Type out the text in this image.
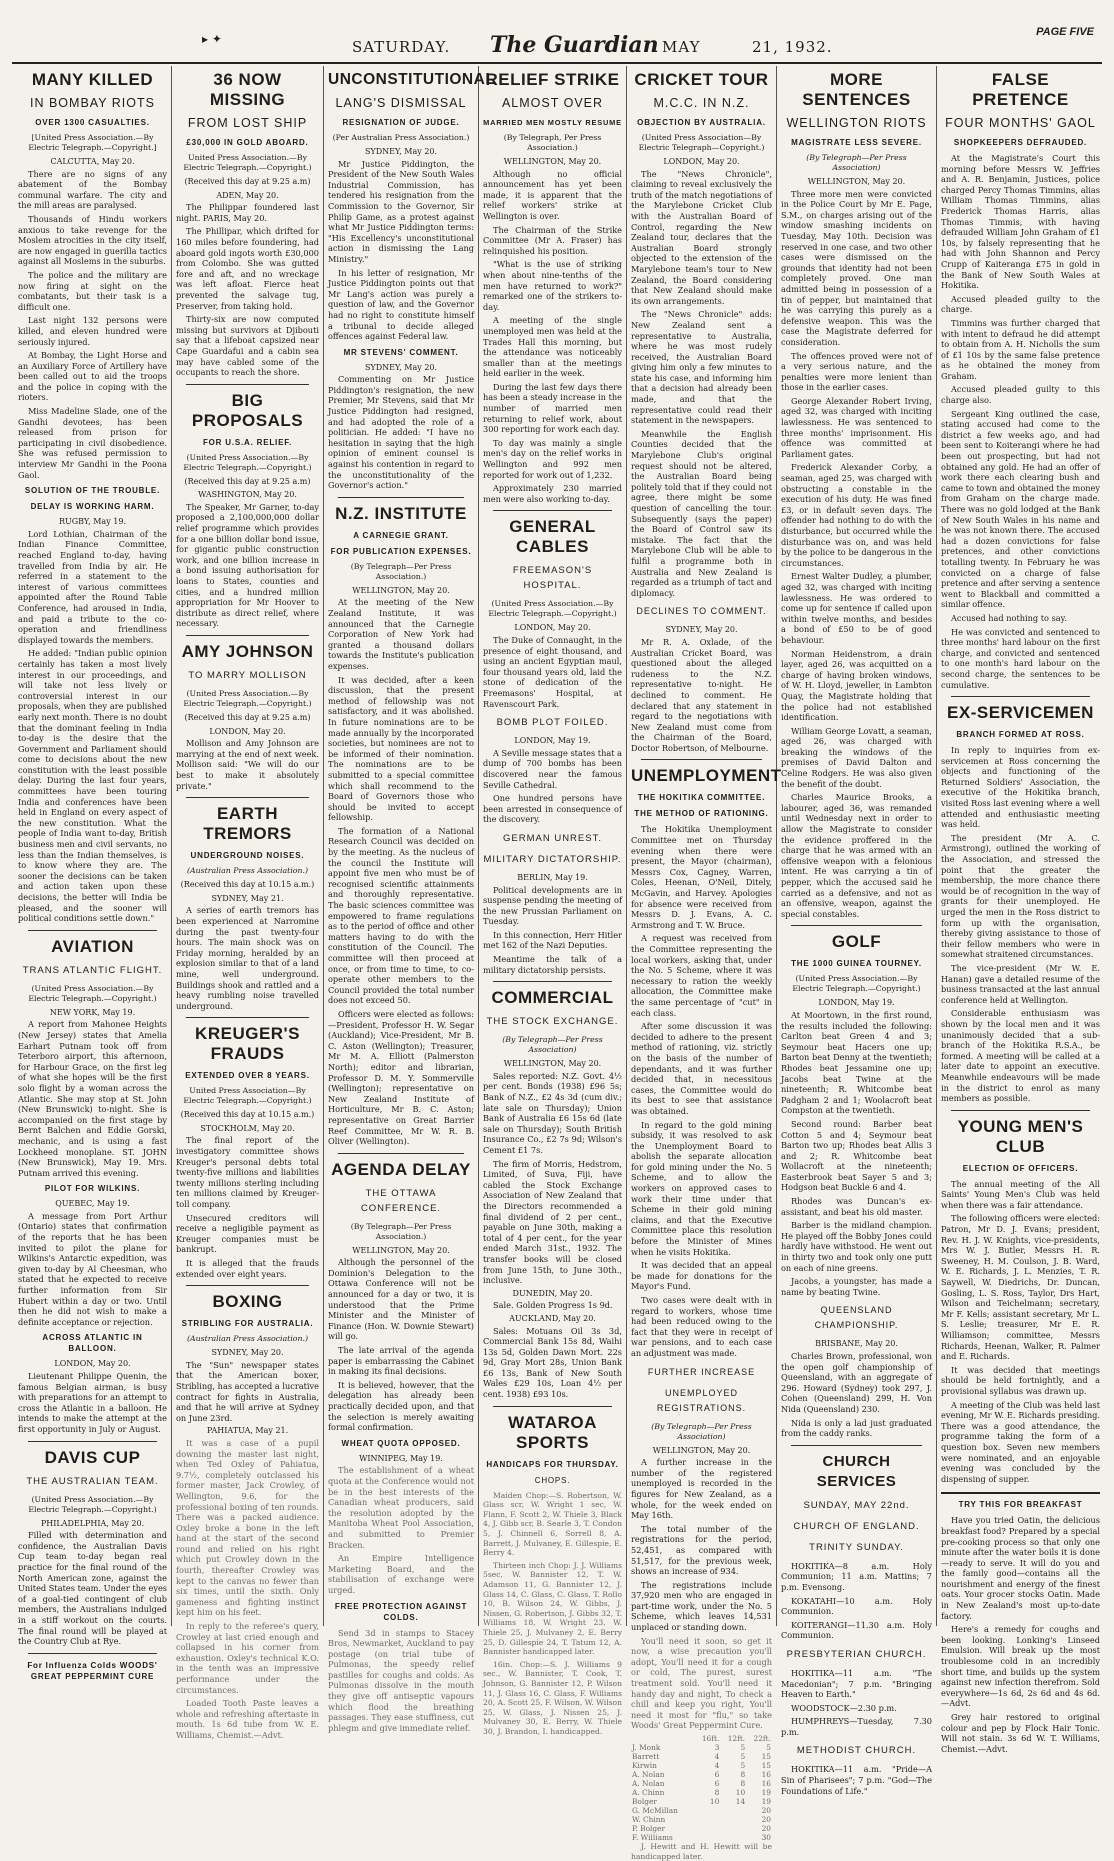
▸ ✦	SATURDAY. The Guardian MAY	21, 1932.
PAGE FIVE
MANY KILLED
IN BOMBAY RIOTS
OVER 1300 CASUALTIES.
[United Press Association.—By Electric Telegraph.—Copyright.]
CALCUTTA, May 20.

There are no signs of any abatement of the Bombay communal warfare. The city and the mill areas are paralysed.

Thousands of Hindu workers anxious to take revenge for the Moslem atrocities in the city itself, are now engaged in guerilla tactics against all Moslems in the suburbs.

The police and the military are now firing at sight on the combatants, but their task is a difficult one.

Last night 132 persons were killed, and eleven hundred were seriously injured.

At Bombay, the Light Horse and an Auxiliary Force of Artillery have been called out to aid the troops and the police in coping with the rioters.

Miss Madeline Slade, one of the Gandhi devotees, has been released from prison for participating in civil disobedience. She was refused permission to interview Mr Gandhi in the Poona Gaol.

SOLUTION OF THE TROUBLE.
DELAY IS WORKING HARM.
RUGBY, May 19.

Lord Lothian, Chairman of the Indian Finance Committee, reached England to-day, having travelled from India by air. He referred in a statement to the interest of various committees appointed after the Round Table Conference, had aroused in India, and paid a tribute to the co-operation and friendliness displayed towards the members.

He added: "Indian public opinion certainly has taken a most lively interest in our proceedings, and will take not less lively or controversial interest in our proposals, when they are published early next month. There is no doubt that the dominant feeling in India to-day is the desire that the Government and Parliament should come to decisions about the new constitution with the least possible delay. During the last four years, committees have been touring India and conferences have been held in England on every aspect of the new constitution. What the people of India want to-day, British business men and civil servants, no less than the Indian themselves, is to know where they are. The sooner the decisions can be taken and action taken upon these decisions, the better will India be pleased, and the sooner will political conditions settle down."

AVIATION
TRANS ATLANTIC FLIGHT.
(United Press Association.—By Electric Telegraph.—Copyright.)
NEW YORK, May 19.

A report from Mahonee Heights (New Jersey) states that Amelia Earhart Putnam took off from Teterboro airport, this afternoon, for Harbour Grace, on the first leg of what she hopes will be the first solo flight by a woman across the Atlantic. She may stop at St. John (New Brunswick) to-night. She is accompanied on the first stage by Bernt Balchen and Eddie Gorski, mechanic, and is using a fast Lockheed monoplane. ST. JOHN (New Brunswick), May 19. Mrs. Putnam arrived this evening.

PILOT FOR WILKINS.
QUEBEC, May 19.

A message from Port Arthur (Ontario) states that confirmation of the reports that he has been invited to pilot the plane for Wilkins's Antarctic expedition, was given to-day by Al Cheesman, who stated that he expected to receive further information from Sir Hubert within a day or two. Until then he did not wish to make a definite acceptance or rejection.

ACROSS ATLANTIC IN BALLOON.
LONDON, May 20.

Lieutenant Philippe Quenin, the famous Belgian airman, is busy with preparations for an attempt to cross the Atlantic in a balloon. He intends to make the attempt at the first opportunity in July or August.

DAVIS CUP
THE AUSTRALIAN TEAM.
(United Press Association.—By Electric Telegraph.—Copyright.)
PHILADELPHIA, May 20.

Filled with determination and confidence, the Australian Davis Cup team to-day began real practice for the final round of the North American zone, against the United States team. Under the eyes of a goal-tied contingent of club members, the Australians indulged in a stiff workout on the courts. The final round will be played at the Country Club at Rye.

For Influenza Colds WOODS' GREAT PEPPERMINT CURE
36 NOW MISSING
FROM LOST SHIP
£30,000 IN GOLD ABOARD.
United Press Association.—By Electric Telegraph.—Copyright.)
(Received this day at 9.25 a.m)
ADEN, May 20.

The Philippar foundered last night. PARIS, May 20.

The Phillipar, which drifted for 160 miles before foundering, had aboard gold ingots worth £30,000 from Colombo. She was gutted fore and aft, and no wreckage was left afloat. Fierce heat prevented the salvage tug, Preserver, from taking hold.

Thirty-six are now computed missing but survivors at Djibouti say that a lifeboat capsized near Cape Guardafui and a cabin sea may have cabled some of the occupants to reach the shore.

BIG PROPOSALS
FOR U.S.A. RELIEF.
(United Press Association.—By Electric Telegraph.—Copyright.)
(Received this day at 9.25 a.m)
WASHINGTON, May 20.

The Speaker, Mr Garner, to-day proposed a 2,100,000,000 dollar relief programme which provides for a one billion dollar bond issue, for gigantic public construction work, and one billion increase in a bond issuing authorisation for loans to States, counties and cities, and a hundred million appropriation for Mr Hoover to distribute as direct relief, where necessary.

AMY JOHNSON
TO MARRY MOLLISON
(United Press Association.—By Electric Telegraph.—Copyright.)
(Received this day at 9.25 a.m)
LONDON, May 20.

Mollison and Amy Johnson are marrying at the end of next week. Mollison said: "We will do our best to make it absolutely private."

EARTH TREMORS
UNDERGROUND NOISES.
(Australian Press Association.)
(Received this day at 10.15 a.m.)
SYDNEY, May 21.

A series of earth tremors has been experienced at Narromine during the past twenty-four hours. The main shock was on Friday morning, heralded by an explosion similar to that of a land mine, well underground. Buildings shook and rattled and a heavy rumbling noise travelled underground.

KREUGER'S FRAUDS
EXTENDED OVER 8 YEARS.
United Press Association—By Electric Telegraph.—Copyright.)
(Received this day at 10.15 a.m.)
STOCKHOLM, May 20.

The final report of the investigatory committee shows Kreuger's personal debts total twenty-five millions and liabilities twenty millions sterling including ten millions claimed by Kreuger-toll company.

Unsecured creditors will receive a negligible payment as Kreuger companies must be bankrupt.

It is alleged that the frauds extended over eight years.

BOXING
STRIBLING FOR AUSTRALIA.
(Australian Press Association.)
SYDNEY, May 20.

The "Sun" newspaper states that the American boxer, Stribling, has accepted a lucrative contract for fights in Australia, and that he will arrive at Sydney on June 23rd.

PAHIATUA, May 21.

It was a case of a pupil downing the master last night, when Ted Oxley of Pahiatua, 9.7½, completely outclassed his former master, Jack Crowley, of Wellington, 9.6, for the professional boxing of ten rounds. There was a packed audience. Oxley broke a bone in the left hand at the start of the second round and relied on his right which put Crowley down in the fourth, thereafter Crowley was kept to the canvas no fewer than six times, until the sixth. Only gameness and fighting instinct kept him on his feet.

In reply to the referee's query, Crowley at last cried enough and collapsed in his corner from exhaustion. Oxley's technical K.O. in the tenth was an impressive performance under the circumstances.

Loaded Tooth Paste leaves a whole and refreshing aftertaste in mouth. 1s 6d tube from W. E. Williams, Chemist.—Advt.

UNCONSTITUTIONAL
LANG'S DISMISSAL
RESIGNATION OF JUDGE.
(Per Australian Press Association.)
SYDNEY, May 20.

Mr Justice Piddington, the President of the New South Wales Industrial Commission, has tendered his resignation from the Commission to the Governor, Sir Philip Game, as a protest against what Mr Justice Piddington terms: "His Excellency's unconstitutional action in dismissing the Lang Ministry."

In his letter of resignation, Mr Justice Piddington points out that Mr Lang's action was purely a question of law, and the Governor had no right to constitute himself a tribunal to decide alleged offences against Federal law.

MR STEVENS' COMMENT.
SYDNEY, May 20.

Commenting on Mr Justice Piddington's resignation, the new Premier, Mr Stevens, said that Mr Justice Piddington had resigned, and had adopted the role of a politician. He added: "I have no hesitation in saying that the high opinion of eminent counsel is against his contention in regard to the unconstitutionality of the Governor's action."

N.Z. INSTITUTE
A CARNEGIE GRANT.
FOR PUBLICATION EXPENSES.
(By Telegraph—Per Press Association.)
WELLINGTON, May 20.

At the meeting of the New Zealand Institute, it was announced that the Carnegie Corporation of New York had granted a thousand dollars towards the Institute's publication expenses.

It was decided, after a keen discussion, that the present method of fellowship was not satisfactory, and it was abolished. In future nominations are to be made annually by the incorporated societies, but nominees are not to be informed of their nomination. The nominations are to be submitted to a special committee which shall recommend to the Board of Governors those who should be invited to accept fellowship.

The formation of a National Research Council was decided on by the meeting. As the nucleus of the council the Institute will appoint five men who must be of recognised scientific attainments and thoroughly representative. The basic sciences committee was empowered to frame regulations as to the period of office and other matters having to do with the constitution of the Council. The committee will then proceed at once, or from time to time, to co-operate other members to the Council provided the total number does not exceed 50.

Officers were elected as follows:—President, Professor H. W. Segar (Auckland); Vice-President, Mr B. C. Aston (Wellington); Treasurer, Mr M. A. Elliott (Palmerston North); editor and librarian, Professor D. M. Y. Sommerville (Wellington); representative on New Zealand Institute of Horticulture, Mr B. C. Aston; representative on Great Barrier Reef Committee, Mr W. R. B. Oliver (Wellington).

AGENDA DELAY
THE OTTAWA CONFERENCE.
(By Telegraph—Per Press Association.)
WELLINGTON, May 20.

Although the personnel of the Dominion's Delegation to the Ottawa Conference will not be announced for a day or two, it is understood that the Prime Minister and the Minister of Finance (Hon. W. Downie Stewart) will go.

The late arrival of the agenda paper is embarrassing the Cabinet in making its final decisions.

It is believed, however, that the delegation has already been practically decided upon, and that the selection is merely awaiting formal confirmation.

WHEAT QUOTA OPPOSED.
WINNIPEG, May 19.

The establishment of a wheat quota at the Conference would not be in the best interests of the Canadian wheat producers, said the resolution adopted by the Manitoba Wheat Pool Association, and submitted to Premier Bracken.

An Empire Intelligence Marketing Board, and the stabilisation of exchange were urged.

FREE PROTECTION AGAINST COLDS.

Send 3d in stamps to Stacey Bros, Newmarket, Auckland to pay postage (on trial tube of Pulmonas, the speedy relief pastilles for coughs and colds. As Pulmonas dissolve in the mouth they give off antiseptic vapours which flood the breathing passages. They ease stuffiness, cut phlegm and give immediate relief.

RELIEF STRIKE
ALMOST OVER
MARRIED MEN MOSTLY RESUME
(By Telegraph, Per Press Association.)
WELLINGTON, May 20.

Although no official announcement has yet been made, it is apparent that the relief workers' strike at Wellington is over.

The Chairman of the Strike Committee (Mr A. Fraser) has relinquished his position.

"What is the use of striking when about nine-tenths of the men have returned to work?" remarked one of the strikers to-day.

A meeting of the single unemployed men was held at the Trades Hall this morning, but the attendance was noticeably smaller than at the meetings held earlier in the week.

During the last few days there has been a steady increase in the number of married men returning to relief work, about 300 reporting for work each day.

To day was mainly a single men's day on the relief works in Wellington and 992 men reported for work out of 1,232.

Approximately 230 married men were also working to-day.

GENERAL CABLES
FREEMASON'S HOSPITAL.
(United Press Association.—By Electric Telegraph.—Copyright.)
LONDON, May 20.

The Duke of Connaught, in the presence of eight thousand, and using an ancient Egyptian maul, four thousand years old, laid the stone of dedication of the Freemasons' Hospital, at Ravenscourt Park.

BOMB PLOT FOILED.
LONDON, May 19.

A Seville message states that a dump of 700 bombs has been discovered near the famous Seville Cathedral.

One hundred persons have been arrested in consequence of the discovery.

GERMAN UNREST.
MILITARY DICTATORSHIP.
BERLIN, May 19.

Political developments are in suspense pending the meeting of the new Prussian Parliament on Tuesday.

In this connection, Herr Hitler met 162 of the Nazi Deputies.

Meantime the talk of a military dictatorship persists.

COMMERCIAL
THE STOCK EXCHANGE.
(By Telegraph—Per Press Association)
WELLINGTON, May 20.

Sales reported: N.Z. Govt. 4½ per cent. Bonds (1938) £96 5s; Bank of N.Z., £2 4s 3d (cum div.; late sale on Thursday); Union Bank of Australia £6 15s 6d (late sale on Thursday); South British Insurance Co., £2 7s 9d; Wilson's Cement £1 7s.

The firm of Morris, Hedstrom, Limited, of Suva, Fiji, have cabled the Stock Exchange Association of New Zealand that the Directors recommended a final dividend of 2 per cent., payable on June 30th, making a total of 4 per cent., for the year ended March 31st., 1932. The transfer books will be closed from June 15th, to June 30th., inclusive.

DUNEDIN, May 20.

Sale. Golden Progress 1s 9d.

AUCKLAND, May 20.

Sales: Motuans Oil 3s 3d, Commercial Bank 15s 8d, Waihi 13s 5d, Golden Dawn Mort. 22s 9d, Gray Mort 28s, Union Bank £6 13s, Bank of New South Wales £29 10s, Loan 4½ per cent. 1938) £93 10s.

WATAROA SPORTS
HANDICAPS FOR THURSDAY.
CHOPS.

Maiden Chop:—S. Robertson, W. Glass scr, W. Wright 1 sec, W. Flann, F. Scott 2, W. Thiele 3, Black 4, J. Gibb scr, B. Searle 3, T. Condon 5, J. Chinnell 6, Sorrell 8, A. Barrett, J. Mulvaney, E. Gillespie, E. Berry 4.

Thirteen inch Chop: J. J. Williams 5sec, W. Bannister 12, T. W. Adamson 11, G. Bannister 12, J. Glass 14, C. Glass, C. Glass, T. Rollo 10, B. Wilson 24, W. Gibbs, J. Nissen, G. Robertson, J. Gibbs 32, T. Williams 18, W. Wright 23, W. Thiele 25, J. Mulvaney 2, E. Berry 25, D. Gillespie 24, T. Tatum 12, A. Bannister handicapped later.

16in. Chop:—S. J. Williams 9 sec., W. Bannister, T. Cook, T. Johnson, G. Bannister 12, P. Wilson 11, J. Glass 16, C. Glass, F. Williams 20, A. Scott 25, F. Wilson, W. Wilson 25, W. Glass, J. Nissen 25, J. Mulvaney 30, E. Berry, W. Thiele 30, J. Brandon, I. handicapped.

CRICKET TOUR
M.C.C. IN N.Z.
OBJECTION BY AUSTRALIA.
(United Press Association—By Electric Telegraph—Copyright.)
LONDON, May 20.

The "News Chronicle", claiming to reveal exclusively the truth of the match negotiations of the Marylebone Cricket Club with the Australian Board of Control, regarding the New Zealand tour, declares that the Australian Board strongly objected to the extension of the Marylebone team's tour to New Zealand, the Board considering that New Zealand should make its own arrangements.

The "News Chronicle" adds: New Zealand sent a representative to Australia, where he was most rudely received, the Australian Board giving him only a few minutes to state his case, and informing him that a decision had already been made, and that the representative could read their statement in the newspapers.

Meanwhile the English Counties decided that the Marylebone Club's original request should not be altered, the Australian Board being politely told that if they could not agree, there might be some question of cancelling the tour. Subsequently (says the paper) the Board of Control saw its mistake. The fact that the Marylebone Club will be able to fulfil a programme both in Australia and New Zealand is regarded as a triumph of tact and diplomacy.

DECLINES TO COMMENT.
SYDNEY, May 20.

Mr R. A. Oxlade, of the Australian Cricket Board, was questioned about the alleged rudeness to the N.Z. representative to-night. He declined to comment. He declared that any statement in regard to the negotiations with New Zealand must come from the Chairman of the Board, Doctor Robertson, of Melbourne.

UNEMPLOYMENT
THE HOKITIKA COMMITTEE.
THE METHOD OF RATIONING.

The Hokitika Unemployment Committee met on Thursday evening when there were present, the Mayor (chairman), Messrs Cox, Cagney, Warren, Coles, Heenan, O'Neil, Ditely, McGavin, and Harvey. Apologies for absence were received from Messrs D. J. Evans, A. C. Armstrong and T. W. Bruce.

A request was received from the Committee representing the local workers, asking that, under the No. 5 Scheme, where it was necessary to ration the weekly allocation, the Committee make the same percentage of "cut" in each class.

After some discussion it was decided to adhere to the present method of rationing, viz. strictly on the basis of the number of dependants, and it was further decided that, in necessitous cases, the Committee would do its best to see that assistance was obtained.

In regard to the gold mining subsidy, it was resolved to ask the Unemployment Board to abolish the separate allocation for gold mining under the No. 5 Scheme, and to allow the workers on approved cases to work their time under that Scheme in their gold mining claims, and that the Executive Committee place this resolution before the Minister of Mines when he visits Hokitika.

It was decided that an appeal be made for donations for the Mayor's Fund.

Two cases were dealt with in regard to workers, whose time had been reduced owing to the fact that they were in receipt of war pensions, and to each case an adjustment was made.

FURTHER INCREASE
UNEMPLOYED REGISTRATIONS.
(By Telegraph—Per Press Association)
WELLINGTON, May 20.

A further increase in the number of the registered unemployed is recorded in the figures for New Zealand, as a whole, for the week ended on May 16th.

The total number of the registrations for the period, 52,451, as compared with 51,517, for the previous week, shows an increase of 934.

The registrations include 37,920 men who are engaged in part-time work, under the No. 5 Scheme, which leaves 14,531 unplaced or standing down.

You'll need it soon, so get it now, a wise precaution you'll adopt, You'll need it for a cough or cold, The purest, surest treatment sold. You'll need it handy day and night, To check a chill and keep you right, You'll need it most for "flu," so take Woods' Great Peppermint Cure.

	16ft.	12ft.	22ft.
J. Monk	3	5	5
Barrett	4	5	15
Kirwin	4	5	15
A. Nolan	6	8	16
A. Nolan	6	8	16
A. Chinn	8	10	19
Bolger	10	14	19
G. McMillan			20
W. Chinn			20
P. Bolger			20
F. Williams			30

J. Hewitt and H. Hewitt will be handicapped later.

MORE SENTENCES
WELLINGTON RIOTS
MAGISTRATE LESS SEVERE.
(By Telegraph—Per Press Association)
WELLINGTON, May 20.

Three more men were convicted in the Police Court by Mr E. Page, S.M., on charges arising out of the window smashing incidents on Tuesday, May 10th. Decision was reserved in one case, and two other cases were dismissed on the grounds that identity had not been completely proved. One man admitted being in possession of a tin of pepper, but maintained that he was carrying this purely as a defensive weapon. This was the case the Magistrate deferred for consideration.

The offences proved were not of a very serious nature, and the penalties were more lenient than those in the earlier cases.

George Alexander Robert Irving, aged 32, was charged with inciting lawlessness. He was sentenced to three months' imprisonment. His offence was committed at Parliament gates.

Frederick Alexander Corby, a seaman, aged 25, was charged with obstructing a constable in the execution of his duty. He was fined £3, or in default seven days. The offender had nothing to do with the disturbance, but occurred while the disturbance was on, and was held by the police to be dangerous in the circumstances.

Ernest Walter Dudley, a plumber, aged 32, was charged with inciting lawlessness. He was ordered to come up for sentence if called upon within twelve months, and besides a bond of £50 to be of good behaviour.

Norman Heidenstrom, a drain layer, aged 26, was acquitted on a charge of having broken windows, of W. H. Lloyd, jeweller, in Lambton Quay, the Magistrate holding that the police had not established identification.

William George Lovatt, a seaman, aged 26, was charged with breaking the windows of the premises of David Dalton and Celine Rodgers. He was also given the benefit of the doubt.

Charles Maurice Brooks, a labourer, aged 36, was remanded until Wednesday next in order to allow the Magistrate to consider the evidence proffered in the charge that he was armed with an offensive weapon with a felonious intent. He was carrying a tin of pepper, which the accused said he carried as a defensive, and not as an offensive, weapon, against the special constables.

GOLF
THE 1000 GUINEA TOURNEY.
(United Press Association.—By Electric Telegraph.—Copyright.)
LONDON, May 19.

At Moortown, in the first round, the results included the following: Carlton beat Green 4 and 3; Seymour beat Hacers one up; Barton beat Denny at the twentieth; Rhodes beat Jessamine one up; Jacobs beat Twine at the nineteenth; R. Whitcombe beat Padgham 2 and 1; Woolacroft beat Compston at the twentieth.

Second round: Barber beat Cotton 5 and 4; Seymour beat Barton two up; Rhodes beat Allis 3 and 2; R. Whitcombe beat Wollacroft at the nineteenth; Easterbrook beat Sayer 5 and 3; Hodgson beat Buckle 6 and 4.

Rhodes was Duncan's ex-assistant, and beat his old master.

Barber is the midland champion. He played off the Bobby Jones could hardly have withstood. He went out in thirty two and took only one putt on each of nine greens.

Jacobs, a youngster, has made a name by beating Twine.

QUEENSLAND CHAMPIONSHIP.
BRISBANE, May 20.

Charles Brown, professional, won the open golf championship of Queensland, with an aggregate of 296. Howard (Sydney) took 297, J. Cohen (Queensland) 299, H. Von Nida (Queensland) 230.

Nida is only a lad just graduated from the caddy ranks.

CHURCH SERVICES
SUNDAY, MAY 22nd.
CHURCH OF ENGLAND.
TRINITY SUNDAY.

HOKITIKA—8 a.m. Holy Communion; 11 a.m. Mattins; 7 p.m. Evensong.

KOKATAHI—10 a.m. Holy Communion.

KOITERANGI—11.30 a.m. Holy Communion.

PRESBYTERIAN CHURCH.

HOKITIKA—11 a.m. "The Macedonian"; 7 p.m. "Bringing Heaven to Earth."

WOODSTOCK—2.30 p.m.

HUMPHREYS—Tuesday, 7.30 p.m.

METHODIST CHURCH.

HOKITIKA—11 a.m. "Pride—A Sin of Pharisees"; 7 p.m. "God—The Foundations of Life."

FALSE PRETENCE
FOUR MONTHS' GAOL
SHOPKEEPERS DEFRAUDED.

At the Magistrate's Court this morning before Messrs W. Jeffries and A. R. Benjamin, Justices, police charged Percy Thomas Timmins, alias William Thomas Timmins, alias Frederick Thomas Harris, alias Thomas Timmis, with having defrauded William John Graham of £1 10s, by falsely representing that he had with John Shannon and Percy Crupp of Kaiteranga £75 in gold in the Bank of New South Wales at Hokitika.

Accused pleaded guilty to the charge.

Timmins was further charged that with intent to defraud he did attempt to obtain from A. H. Nicholls the sum of £1 10s by the same false pretence as he obtained the money from Graham.

Accused pleaded guilty to this charge also.

Sergeant King outlined the case, stating accused had come to the district a few weeks ago, and had been sent to Koiterangi where he had been out prospecting, but had not obtained any gold. He had an offer of work there each clearing bush and came to town and obtained the money from Graham on the charge made. There was no gold lodged at the Bank of New South Wales in his name and he was not known there. The accused had a dozen convictions for false pretences, and other convictions totalling twenty. In February he was convicted on a charge of false pretence and after serving a sentence went to Blackball and committed a similar offence.

Accused had nothing to say.

He was convicted and sentenced to three months' hard labour on the first charge, and convicted and sentenced to one month's hard labour on the second charge, the sentences to be cumulative.

EX-SERVICEMEN
BRANCH FORMED AT ROSS.

In reply to inquiries from ex-servicemen at Ross concerning the objects and functioning of the Returned Soldiers' Association, the executive of the Hokitika branch, visited Ross last evening where a well attended and enthusiastic meeting was held.

The president (Mr A. C. Armstrong), outlined the working of the Association, and stressed the point that the greater the membership, the more chance there would be of recognition in the way of grants for their unemployed. He urged the men in the Ross district to form up with the organisation, thereby giving assistance to those of their fellow members who were in somewhat straitened circumstances.

The vice-president (Mr W. E. Hanan) gave a detailed resume of the business transacted at the last annual conference held at Wellington.

Considerable enthusiasm was shown by the local men and it was unanimously decided that a sub-branch of the Hokitika R.S.A., be formed. A meeting will be called at a later date to appoint an executive. Meanwhile endeavours will be made in the district to enrol as many members as possible.

YOUNG MEN'S CLUB
ELECTION OF OFFICERS.

The annual meeting of the All Saints' Young Men's Club was held when there was a fair attendance.

The following officers were elected: Patron, Mr D. J. Evans; president, Rev. H. J. W. Knights, vice-presidents, Mrs W. J. Butler, Messrs H. R. Sweeney, H. M. Coulson, J. B. Ward, W. E. Richards, J. L. Menzies, T. R. Saywell, W. Diedrichs, Dr. Duncan, Gosling, L. S. Ross, Taylor, Drs Hart, Wilson and Teichelmann; secretary, Mr F. Kells; assistant secretary, Mr L. S. Leslie; treasurer, Mr E. R. Williamson; committee, Messrs Richards, Heenan, Walker, R. Palmer and E. Richards.

It was decided that meetings should be held fortnightly, and a provisional syllabus was drawn up.

A meeting of the Club was held last evening, Mr W. E. Richards presiding. There was a good attendance, the programme taking the form of a question box. Seven new members were nominated, and an enjoyable evening was concluded by the dispensing of supper.

TRY THIS FOR BREAKFAST

Have you tried Oatin, the delicious breakfast food? Prepared by a special pre-cooking process so that only one minute after the water boils it is done—ready to serve. It will do you and the family good—contains all the nourishment and energy of the finest oats. Your grocer stocks Oatin. Made in New Zealand's most up-to-date factory.

Here's a remedy for coughs and been looking. Lonking's Linseed Emulsion. Will break up the most troublesome cold in an incredibly short time, and builds up the system against new infection therefrom. Sold everywhere—1s 6d, 2s 6d and 4s 6d.—Advt.

Grey hair restored to original colour and pep by Flock Hair Tonic. Will not stain. 3s 6d W. T. Williams, Chemist.—Advt.
